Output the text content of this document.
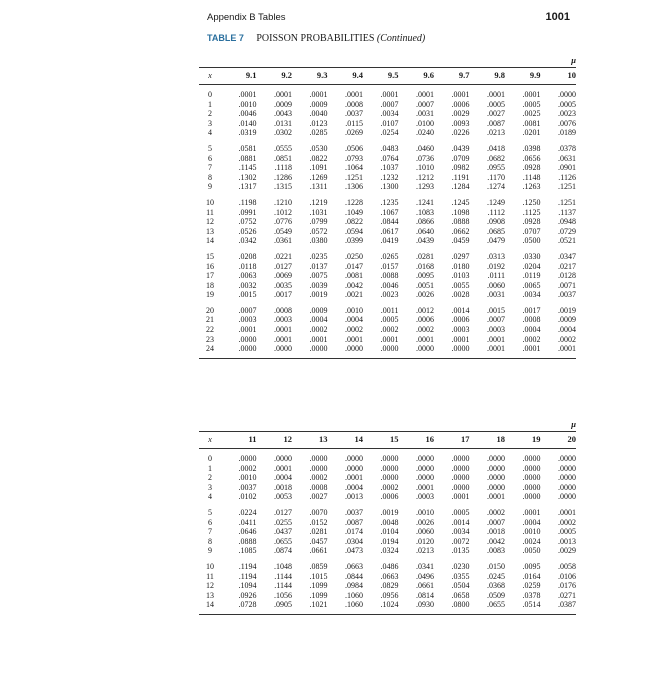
Appendix B Tables	1001
TABLE 7 POISSON PROBABILITIES (Continued)
	μ									

x	9.1	9.2	9.3	9.4	9.5	9.6	9.7	9.8	9.9	10

0	.0001	.0001	.0001	.0001	.0001	.0001	.0001	.0001	.0001	.0000
1	.0010	.0009	.0009	.0008	.0007	.0007	.0006	.0005	.0005	.0005
2	.0046	.0043	.0040	.0037	.0034	.0031	.0029	.0027	.0025	.0023
3	.0140	.0131	.0123	.0115	.0107	.0100	.0093	.0087	.0081	.0076
4	.0319	.0302	.0285	.0269	.0254	.0240	.0226	.0213	.0201	.0189

5	.0581	.0555	.0530	.0506	.0483	.0460	.0439	.0418	.0398	.0378
6	.0881	.0851	.0822	.0793	.0764	.0736	.0709	.0682	.0656	.0631
7	.1145	.1118	.1091	.1064	.1037	.1010	.0982	.0955	.0928	.0901
8	.1302	.1286	.1269	.1251	.1232	.1212	.1191	.1170	.1148	.1126
9	.1317	.1315	.1311	.1306	.1300	.1293	.1284	.1274	.1263	.1251

10	.1198	.1210	.1219	.1228	.1235	.1241	.1245	.1249	.1250	.1251
11	.0991	.1012	.1031	.1049	.1067	.1083	.1098	.1112	.1125	.1137
12	.0752	.0776	.0799	.0822	.0844	.0866	.0888	.0908	.0928	.0948
13	.0526	.0549	.0572	.0594	.0617	.0640	.0662	.0685	.0707	.0729
14	.0342	.0361	.0380	.0399	.0419	.0439	.0459	.0479	.0500	.0521

15	.0208	.0221	.0235	.0250	.0265	.0281	.0297	.0313	.0330	.0347
16	.0118	.0127	.0137	.0147	.0157	.0168	.0180	.0192	.0204	.0217
17	.0063	.0069	.0075	.0081	.0088	.0095	.0103	.0111	.0119	.0128
18	.0032	.0035	.0039	.0042	.0046	.0051	.0055	.0060	.0065	.0071
19	.0015	.0017	.0019	.0021	.0023	.0026	.0028	.0031	.0034	.0037

20	.0007	.0008	.0009	.0010	.0011	.0012	.0014	.0015	.0017	.0019
21	.0003	.0003	.0004	.0004	.0005	.0006	.0006	.0007	.0008	.0009
22	.0001	.0001	.0002	.0002	.0002	.0002	.0003	.0003	.0004	.0004
23	.0000	.0001	.0001	.0001	.0001	.0001	.0001	.0001	.0002	.0002
24	.0000	.0000	.0000	.0000	.0000	.0000	.0000	.0001	.0001	.0001

	μ									

x	11	12	13	14	15	16	17	18	19	20

0	.0000	.0000	.0000	.0000	.0000	.0000	.0000	.0000	.0000	.0000
1	.0002	.0001	.0000	.0000	.0000	.0000	.0000	.0000	.0000	.0000
2	.0010	.0004	.0002	.0001	.0000	.0000	.0000	.0000	.0000	.0000
3	.0037	.0018	.0008	.0004	.0002	.0001	.0000	.0000	.0000	.0000
4	.0102	.0053	.0027	.0013	.0006	.0003	.0001	.0001	.0000	.0000

5	.0224	.0127	.0070	.0037	.0019	.0010	.0005	.0002	.0001	.0001
6	.0411	.0255	.0152	.0087	.0048	.0026	.0014	.0007	.0004	.0002
7	.0646	.0437	.0281	.0174	.0104	.0060	.0034	.0018	.0010	.0005
8	.0888	.0655	.0457	.0304	.0194	.0120	.0072	.0042	.0024	.0013
9	.1085	.0874	.0661	.0473	.0324	.0213	.0135	.0083	.0050	.0029

10	.1194	.1048	.0859	.0663	.0486	.0341	.0230	.0150	.0095	.0058
11	.1194	.1144	.1015	.0844	.0663	.0496	.0355	.0245	.0164	.0106
12	.1094	.1144	.1099	.0984	.0829	.0661	.0504	.0368	.0259	.0176
13	.0926	.1056	.1099	.1060	.0956	.0814	.0658	.0509	.0378	.0271
14	.0728	.0905	.1021	.1060	.1024	.0930	.0800	.0655	.0514	.0387
